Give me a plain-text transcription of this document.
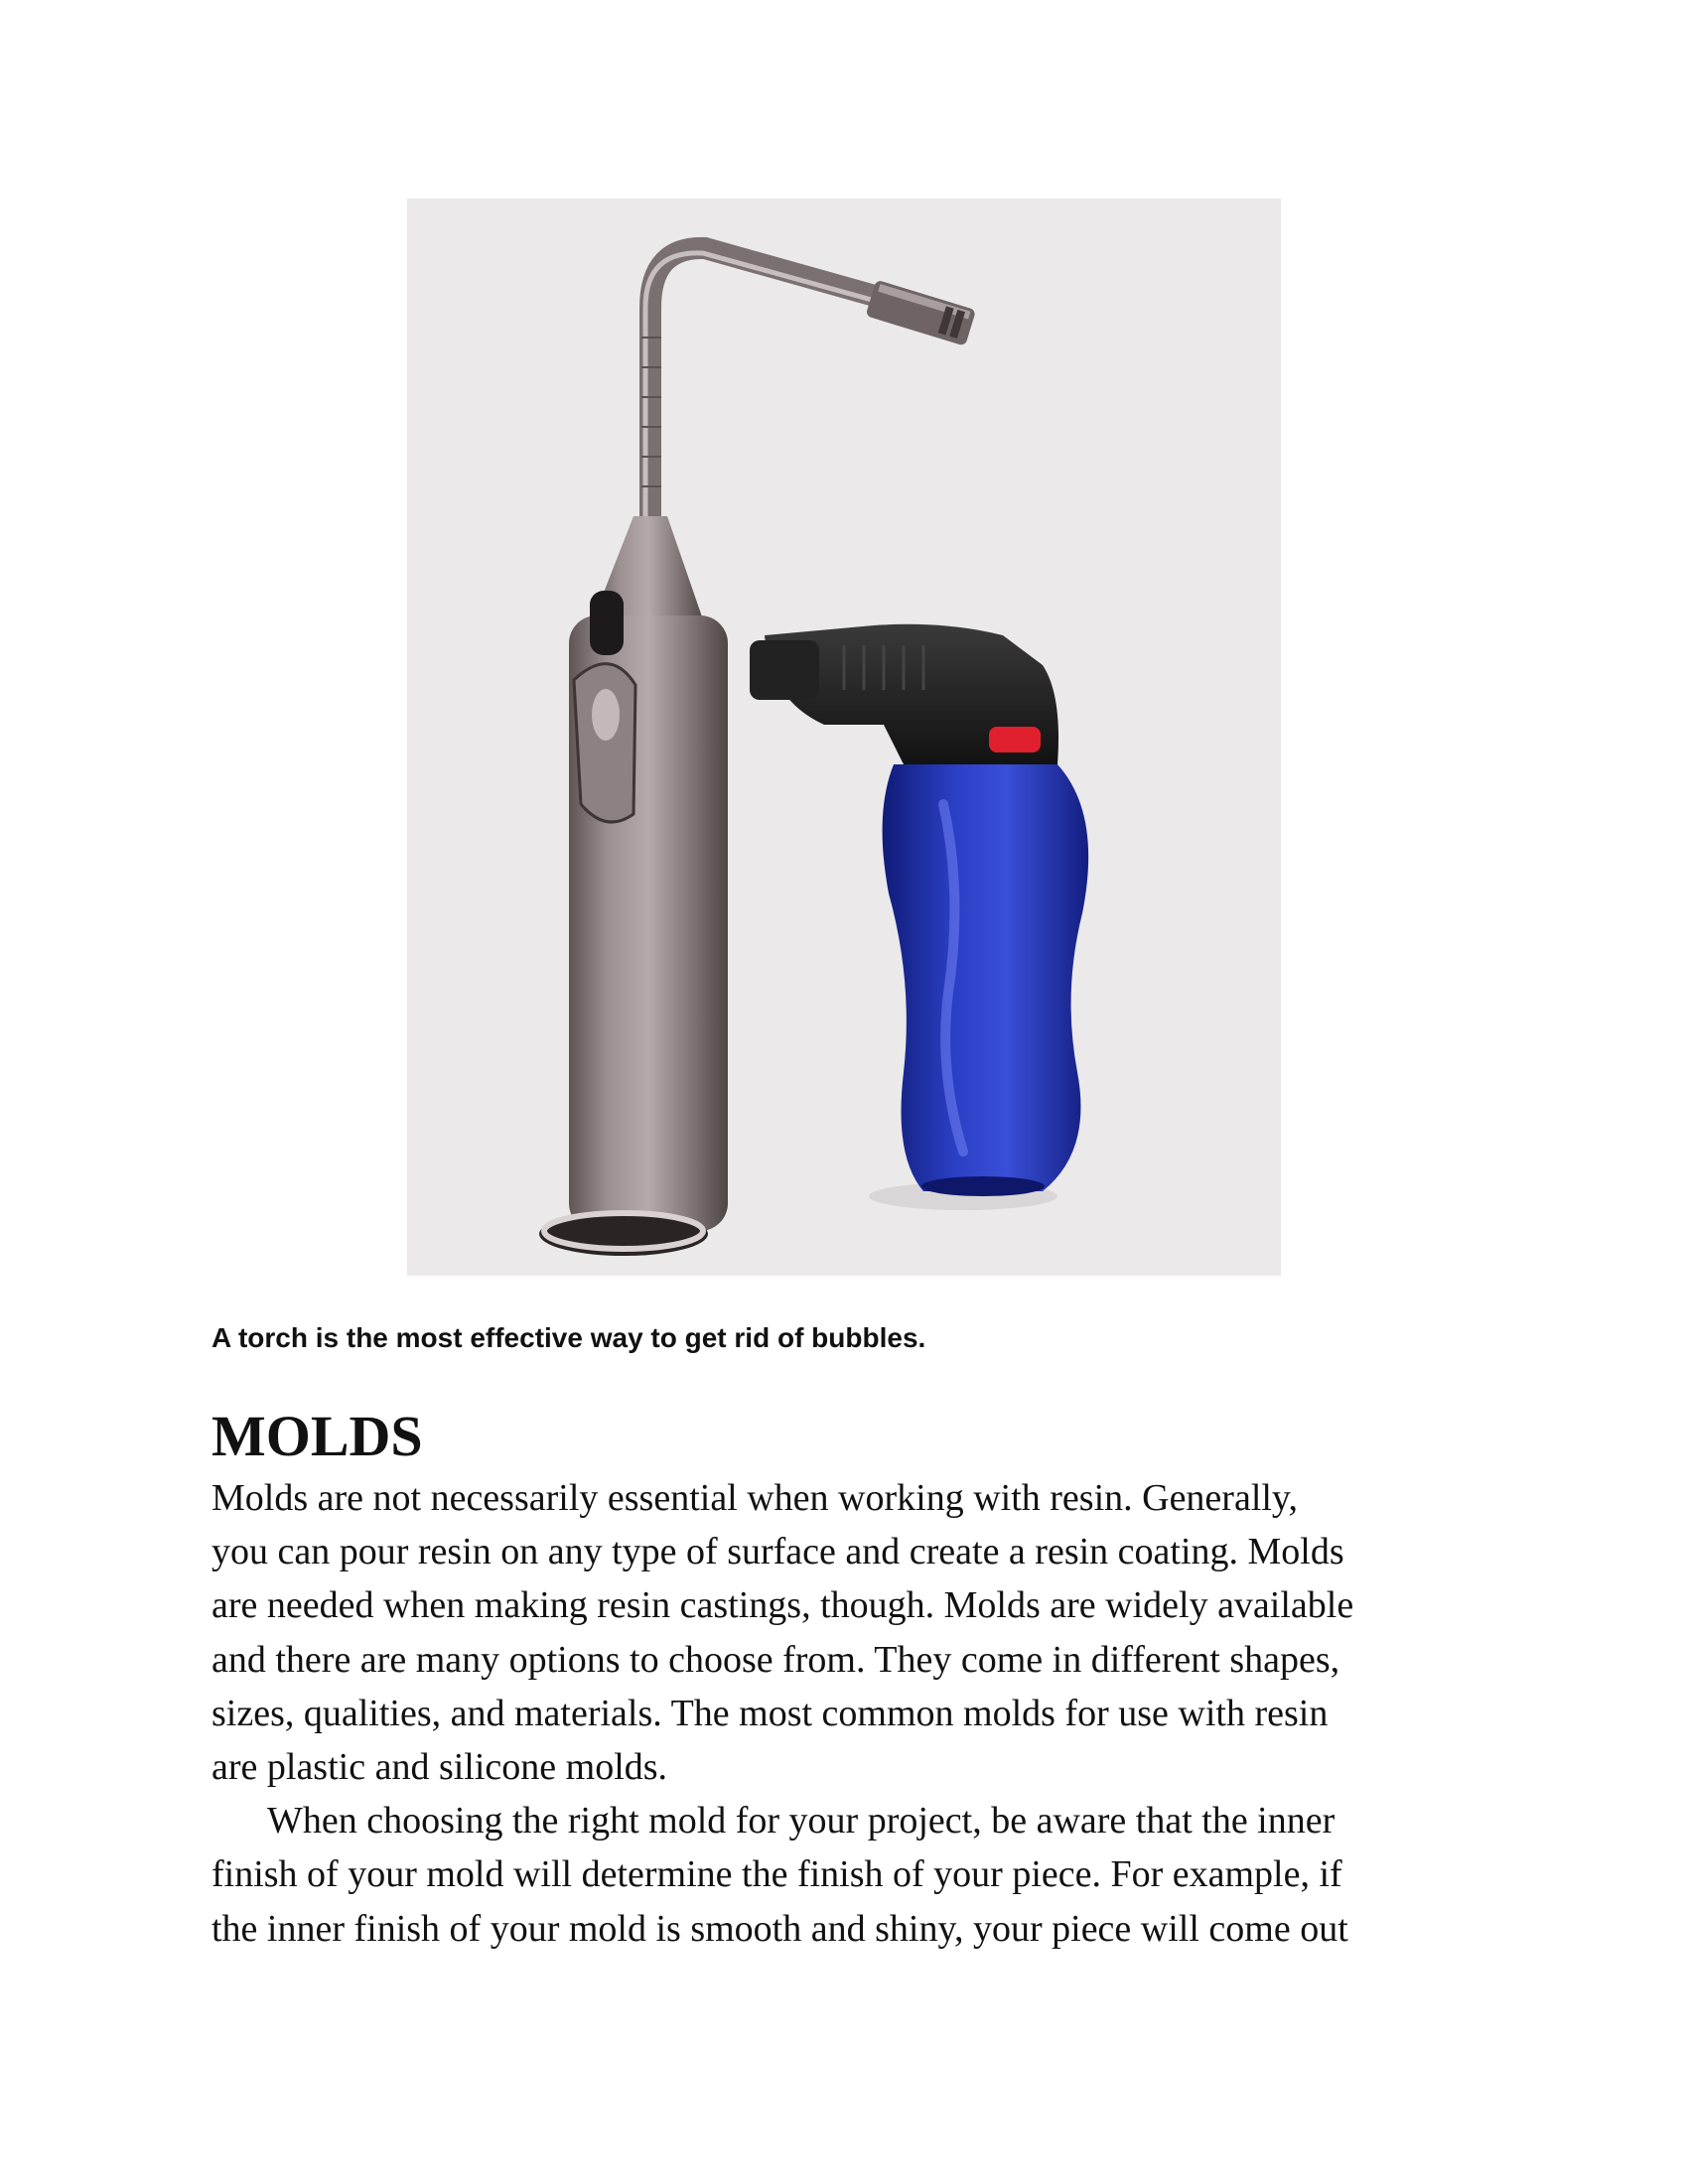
A torch is the most effective way to get rid of bubbles.

MOLDS

Molds are not necessarily essential when working with resin. Generally,
you can pour resin on any type of surface and create a resin coating. Molds
are needed when making resin castings, though. Molds are widely available
and there are many options to choose from. They come in different shapes,
sizes, qualities, and materials. The most common molds for use with resin
are plastic and silicone molds.

When choosing the right mold for your project, be aware that the inner
finish of your mold will determine the finish of your piece. For example, if
the inner finish of your mold is smooth and shiny, your piece will come out
